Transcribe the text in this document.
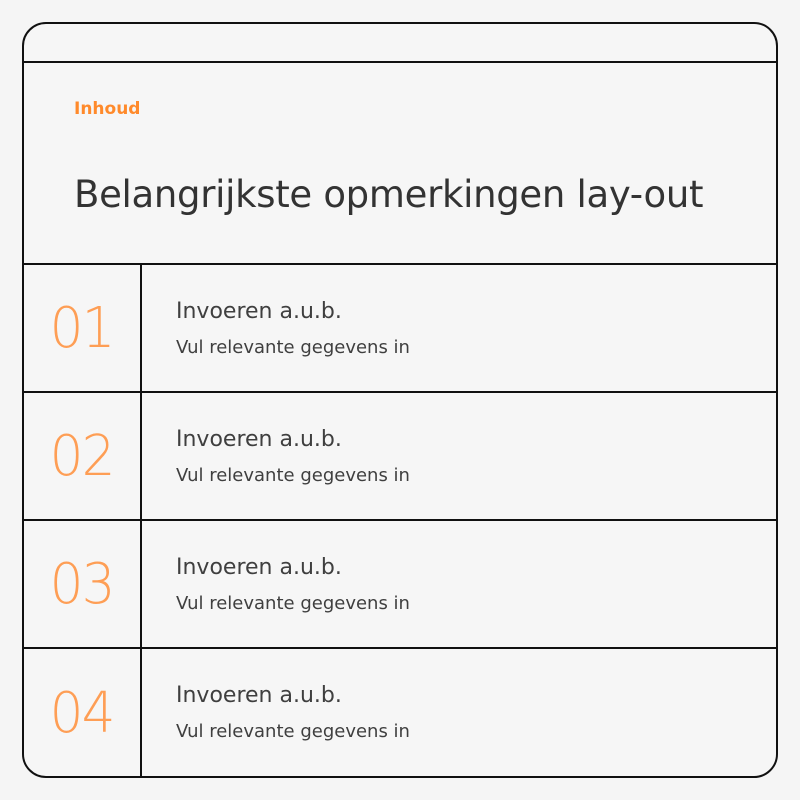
Inhoud
Belangrijkste opmerkingen lay-out
01	Invoeren a.u.b.
Vul relevante gegevens in
02	Invoeren a.u.b.
Vul relevante gegevens in
03	Invoeren a.u.b.
Vul relevante gegevens in
04	Invoeren a.u.b.
Vul relevante gegevens in
